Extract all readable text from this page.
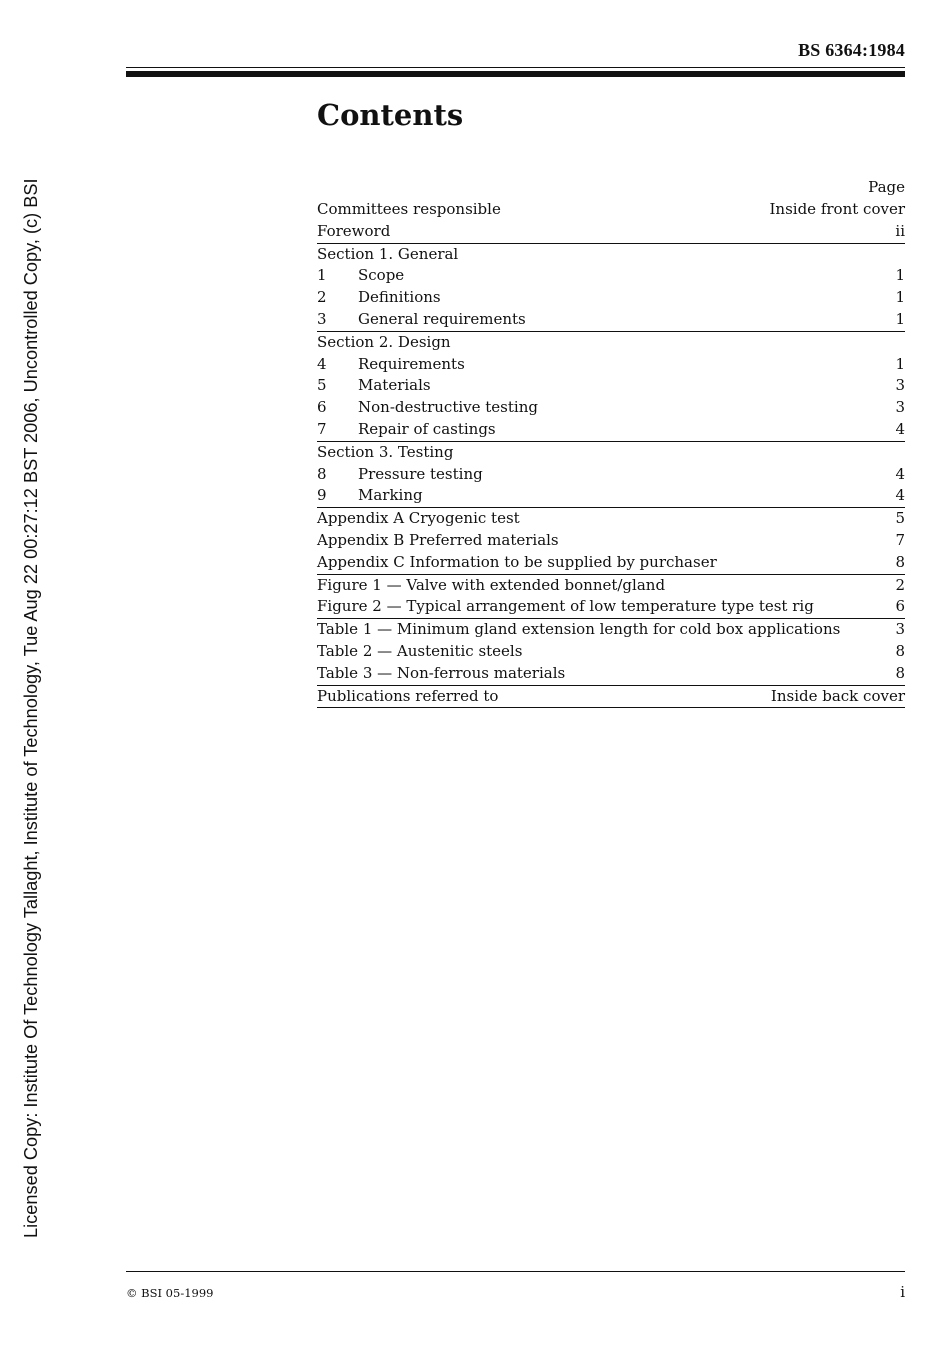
BS 6364:1984
Licensed Copy: Institute Of Technology Tallaght, Institute of Technology, Tue Aug 22 00:27:12 BST 2006, Uncontrolled Copy, (c) BSI
Contents
Page
Committees responsible	Inside front cover
Foreword	ii
Section 1. General
1 Scope	1
2 Definitions	1
3 General requirements	1
Section 2. Design
4 Requirements	1
5 Materials	3
6 Non-destructive testing	3
7 Repair of castings	4
Section 3. Testing
8 Pressure testing	4
9 Marking	4
Appendix A Cryogenic test	5
Appendix B Preferred materials	7
Appendix C Information to be supplied by purchaser	8
Figure 1 — Valve with extended bonnet/gland	2
Figure 2 — Typical arrangement of low temperature type test rig	6
Table 1 — Minimum gland extension length for cold box applications	3
Table 2 — Austenitic steels	8
Table 3 — Non-ferrous materials	8
Publications referred to	Inside back cover
© BSI 05-1999	i
